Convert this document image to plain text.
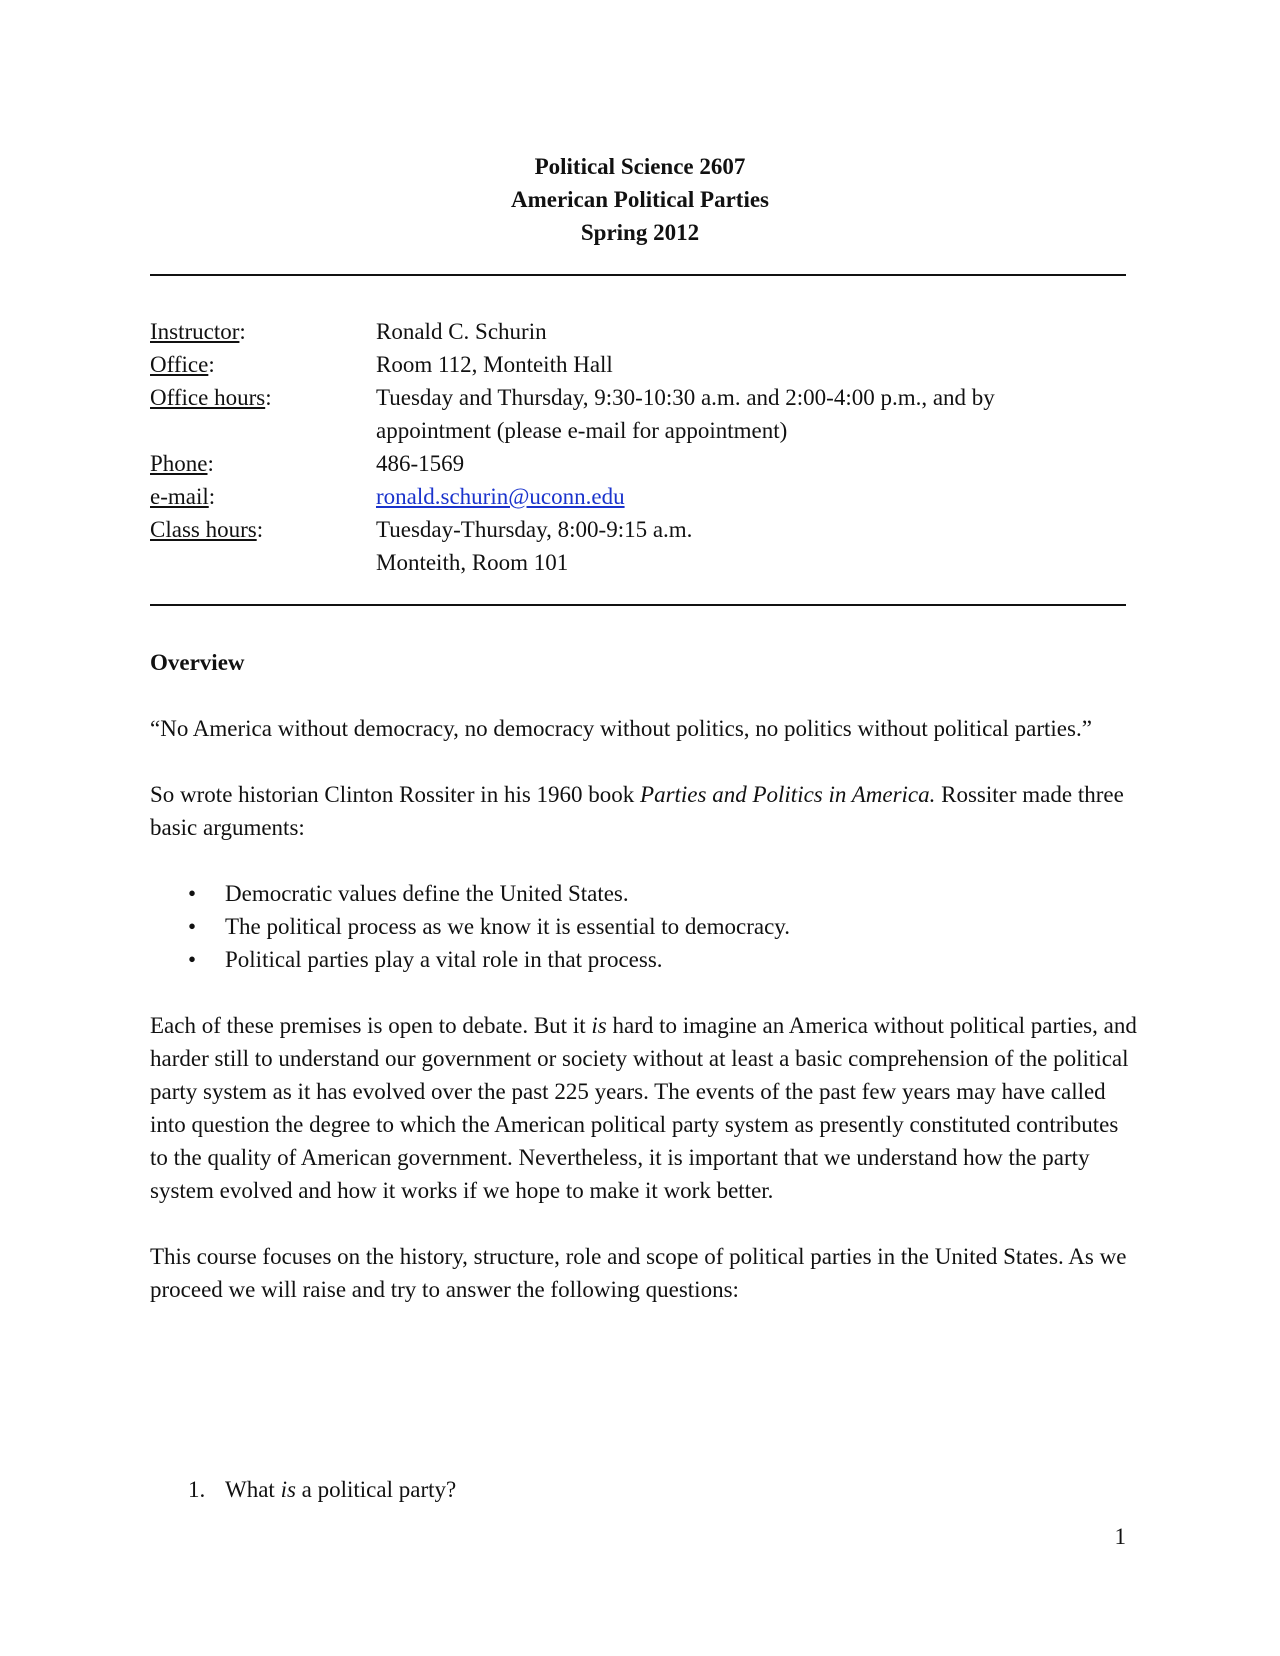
Political Science 2607
American Political Parties
Spring 2012
Instructor:	Ronald C. Schurin
Office:	Room 112, Monteith Hall
Office hours:	Tuesday and Thursday, 9:30-10:30 a.m. and 2:00-4:00 p.m., and by
appointment (please e-mail for appointment)
Phone:	486-1569
e-mail:	ronald.schurin@uconn.edu
Class hours:	Tuesday-Thursday, 8:00-9:15 a.m.
Monteith, Room 101
Overview

“No America without democracy, no democracy without politics, no politics without political parties.”

So wrote historian Clinton Rossiter in his 1960 book Parties and Politics in America. Rossiter made three basic arguments:

• Democratic values define the United States.
• The political process as we know it is essential to democracy.
• Political parties play a vital role in that process.

Each of these premises is open to debate. But it is hard to imagine an America without political parties, and harder still to understand our government or society without at least a basic comprehension of the political party system as it has evolved over the past 225 years. The events of the past few years may have called into question the degree to which the American political party system as presently constituted contributes to the quality of American government. Nevertheless, it is important that we understand how the party system evolved and how it works if we hope to make it work better.

This course focuses on the history, structure, role and scope of political parties in the United States. As we proceed we will raise and try to answer the following questions:

1. What is a political party?
1
